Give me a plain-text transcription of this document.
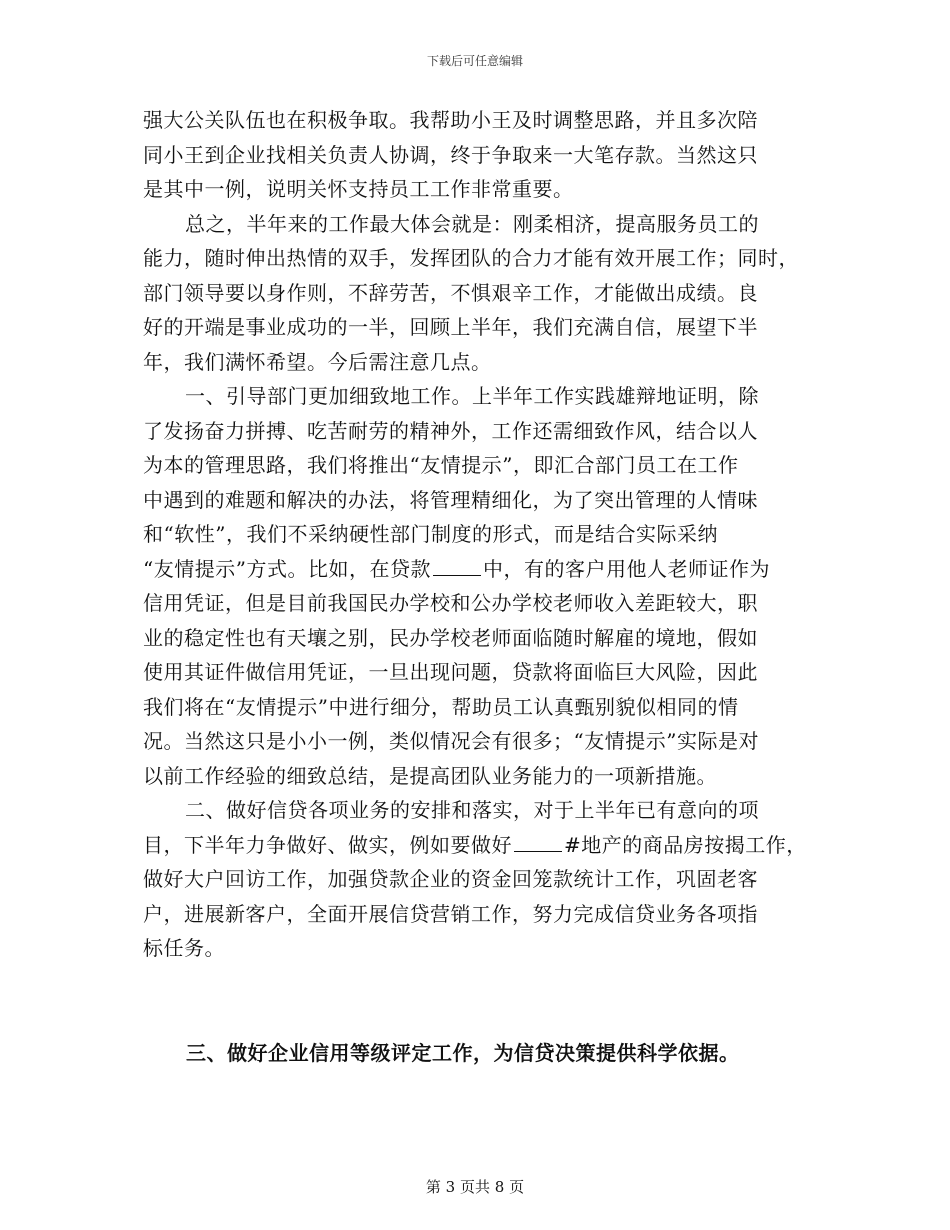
下载后可任意编辑
强大公关队伍也在积极争取。我帮助小王及时调整思路，并且多次陪
同小王到企业找相关负责人协调，终于争取来一大笔存款。当然这只
是其中一例，说明关怀支持员工工作非常重要。
总之，半年来的工作最大体会就是：刚柔相济，提高服务员工的
能力，随时伸出热情的双手，发挥团队的合力才能有效开展工作；同时，
部门领导要以身作则，不辞劳苦，不惧艰辛工作，才能做出成绩。良
好的开端是事业成功的一半，回顾上半年，我们充满自信，展望下半
年，我们满怀希望。今后需注意几点。
一、引导部门更加细致地工作。上半年工作实践雄辩地证明，除
了发扬奋力拼搏、吃苦耐劳的精神外，工作还需细致作风，结合以人
为本的管理思路，我们将推出“友情提示”，即汇合部门员工在工作
中遇到的难题和解决的办法，将管理精细化，为了突出管理的人情味
和“软性”，我们不采纳硬性部门制度的形式，而是结合实际采纳
“友情提示”方式。比如，在贷款	中，有的客户用他人老师证作为
信用凭证，但是目前我国民办学校和公办学校老师收入差距较大，职
业的稳定性也有天壤之别，民办学校老师面临随时解雇的境地，假如
使用其证件做信用凭证，一旦出现问题，贷款将面临巨大风险，因此
我们将在“友情提示”中进行细分，帮助员工认真甄别貌似相同的情
况。当然这只是小小一例，类似情况会有很多；“友情提示”实际是对
以前工作经验的细致总结，是提高团队业务能力的一项新措施。
二、做好信贷各项业务的安排和落实，对于上半年已有意向的项
目，下半年力争做好、做实，例如要做好	#地产的商品房按揭工作，
做好大户回访工作，加强贷款企业的资金回笼款统计工作，巩固老客
户，进展新客户，全面开展信贷营销工作，努力完成信贷业务各项指
标任务。
三、做好企业信用等级评定工作，为信贷决策提供科学依据。
第 3 页共 8 页
